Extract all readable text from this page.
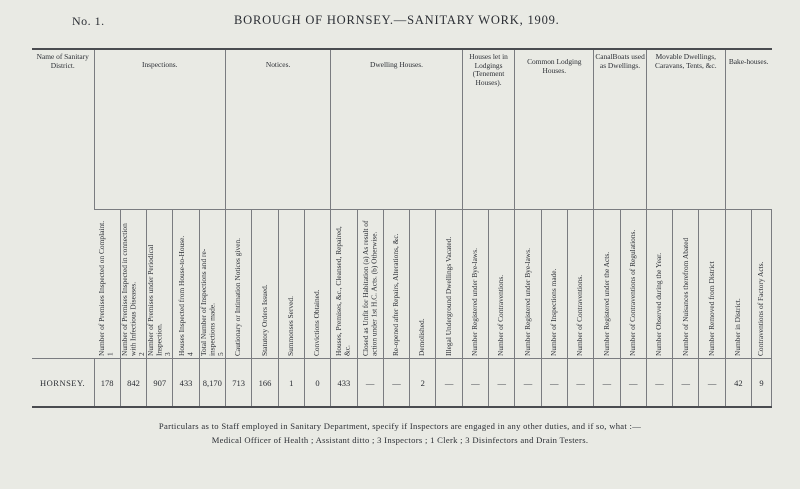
No. 1.	BOROUGH OF HORNSEY.—SANITARY WORK, 1909.
Name of Sanitary District.	Inspections.					Notices.				Dwelling Houses.					Houses let in Lodgings (Tenement Houses).		Common Lodging Houses.			CanalBoats used as Dwellings.		Movable Dwellings, Caravans, Tents, &c.			Bake-houses.		

	Number of Premises Inspected on Complaint. 1	Number of Premises Inspected in connection with Infectious Diseases. 2	Number of Premises under Periodical Inspection. 3	Houses Inspected from House-to-House. 4	Total Number of Inspections and re-inspections made. 5	Cautionary or Intimation Notices given.	Statutory Orders Issued.	Summonses Served.	Convictions Obtained.	Houses, Premises, &c., Cleansed, Repaired, &c.	Closed as Unfit for Habitation (a) As result of action under 1st H.C. Acts. (b) Otherwise.	Re-opened after Repairs, Alterations, &c.	Demolished.	Illegal Underground Dwellings Vacated.	Number Registered under Bye-laws.	Number of Contraventions.	Number Registered under Bye-laws.	Number of Inspections made.	Number of Contraventions.	Number Registered under the Acts.	Number of Contraventions of Regulations.	Number Observed during the Year.	Number of Nuisances therefrom Abated	Number Removed from District	Number in District.	Contraventions of Factory Acts.	
HORNSEY.	178	842	907	433	8,170	713	166	1	0	433	—	—	2	—	—	—	—	—	—	—	—	—	—	—	42	9	
Particulars as to Staff employed in Sanitary Department, specify if Inspectors are engaged in any other duties, and if so, what :—
Medical Officer of Health ; Assistant ditto ; 3 Inspectors ; 1 Clerk ; 3 Disinfectors and Drain Testers.
